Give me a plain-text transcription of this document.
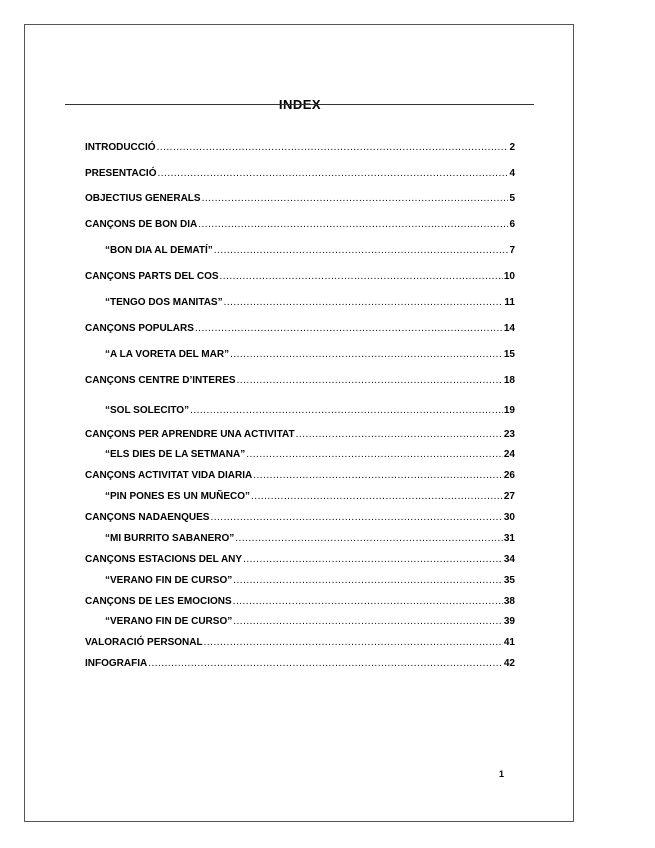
INDEX
INTRODUCCIÓ .....	2
PRESENTACIÓ .....	4
OBJECTIUS GENERALS .....	5
CANÇONS DE BON DIA .....	6
“BON DIA AL DEMATÍ” .....	7
CANÇONS PARTS DEL COS .....	10
“TENGO DOS MANITAS” .....	11
CANÇONS POPULARS .....	14
“A LA VORETA DEL MAR” .....	15
CANÇONS CENTRE D’INTERES .....	18
“SOL SOLECITO” .....	19
CANÇONS PER APRENDRE UNA ACTIVITAT .....	23
“ELS DIES DE LA SETMANA” .....	24
CANÇONS ACTIVITAT VIDA DIARIA .....	26
“PIN PONES ES UN MUÑECO” .....	27
CANÇONS NADAENQUES .....	30
“MI BURRITO SABANERO” .....	31
CANÇONS ESTACIONS DEL ANY .....	34
“VERANO FIN DE CURSO” .....	35
CANÇONS DE LES EMOCIONS .....	38
“VERANO FIN DE CURSO” .....	39
VALORACIÓ PERSONAL .....	41
INFOGRAFIA .....	42
1
